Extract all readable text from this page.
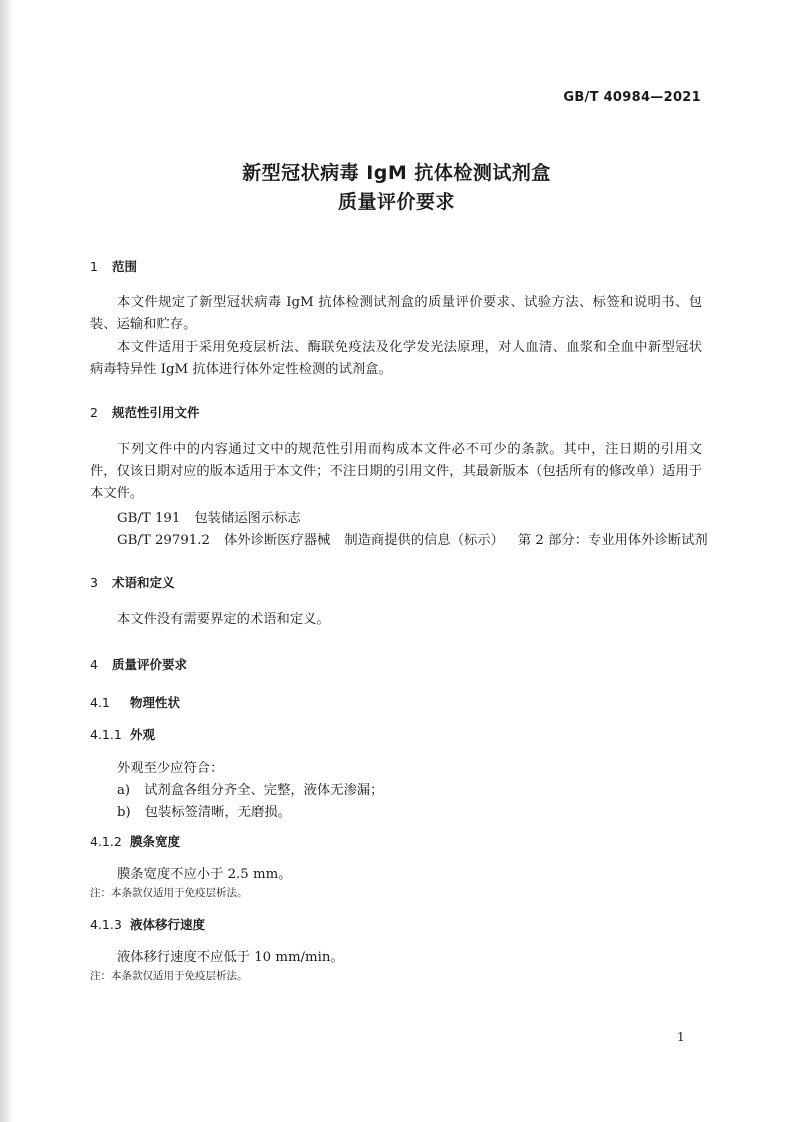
GB/T 40984—2021
新型冠状病毒 IgM 抗体检测试剂盒
质量评价要求
1 范围
本文件规定了新型冠状病毒 IgM 抗体检测试剂盒的质量评价要求、试验方法、标签和说明书、包装、运输和贮存。
本文件适用于采用免疫层析法、酶联免疫法及化学发光法原理，对人血清、血浆和全血中新型冠状病毒特异性 IgM 抗体进行体外定性检测的试剂盒。
2 规范性引用文件
下列文件中的内容通过文中的规范性引用而构成本文件必不可少的条款。其中，注日期的引用文件，仅该日期对应的版本适用于本文件；不注日期的引用文件，其最新版本（包括所有的修改单）适用于本文件。
GB/T 191 包装储运图示标志
GB/T 29791.2 体外诊断医疗器械 制造商提供的信息（标示） 第 2 部分：专业用体外诊断试剂
3 术语和定义
本文件没有需要界定的术语和定义。
4 质量评价要求
4.1 物理性状
4.1.1 外观
外观至少应符合：
a) 试剂盒各组分齐全、完整，液体无渗漏；
b) 包装标签清晰，无磨损。
4.1.2 膜条宽度
膜条宽度不应小于 2.5 mm。
注：本条款仅适用于免疫层析法。
4.1.3 液体移行速度
液体移行速度不应低于 10 mm/min。
注：本条款仅适用于免疫层析法。
1
